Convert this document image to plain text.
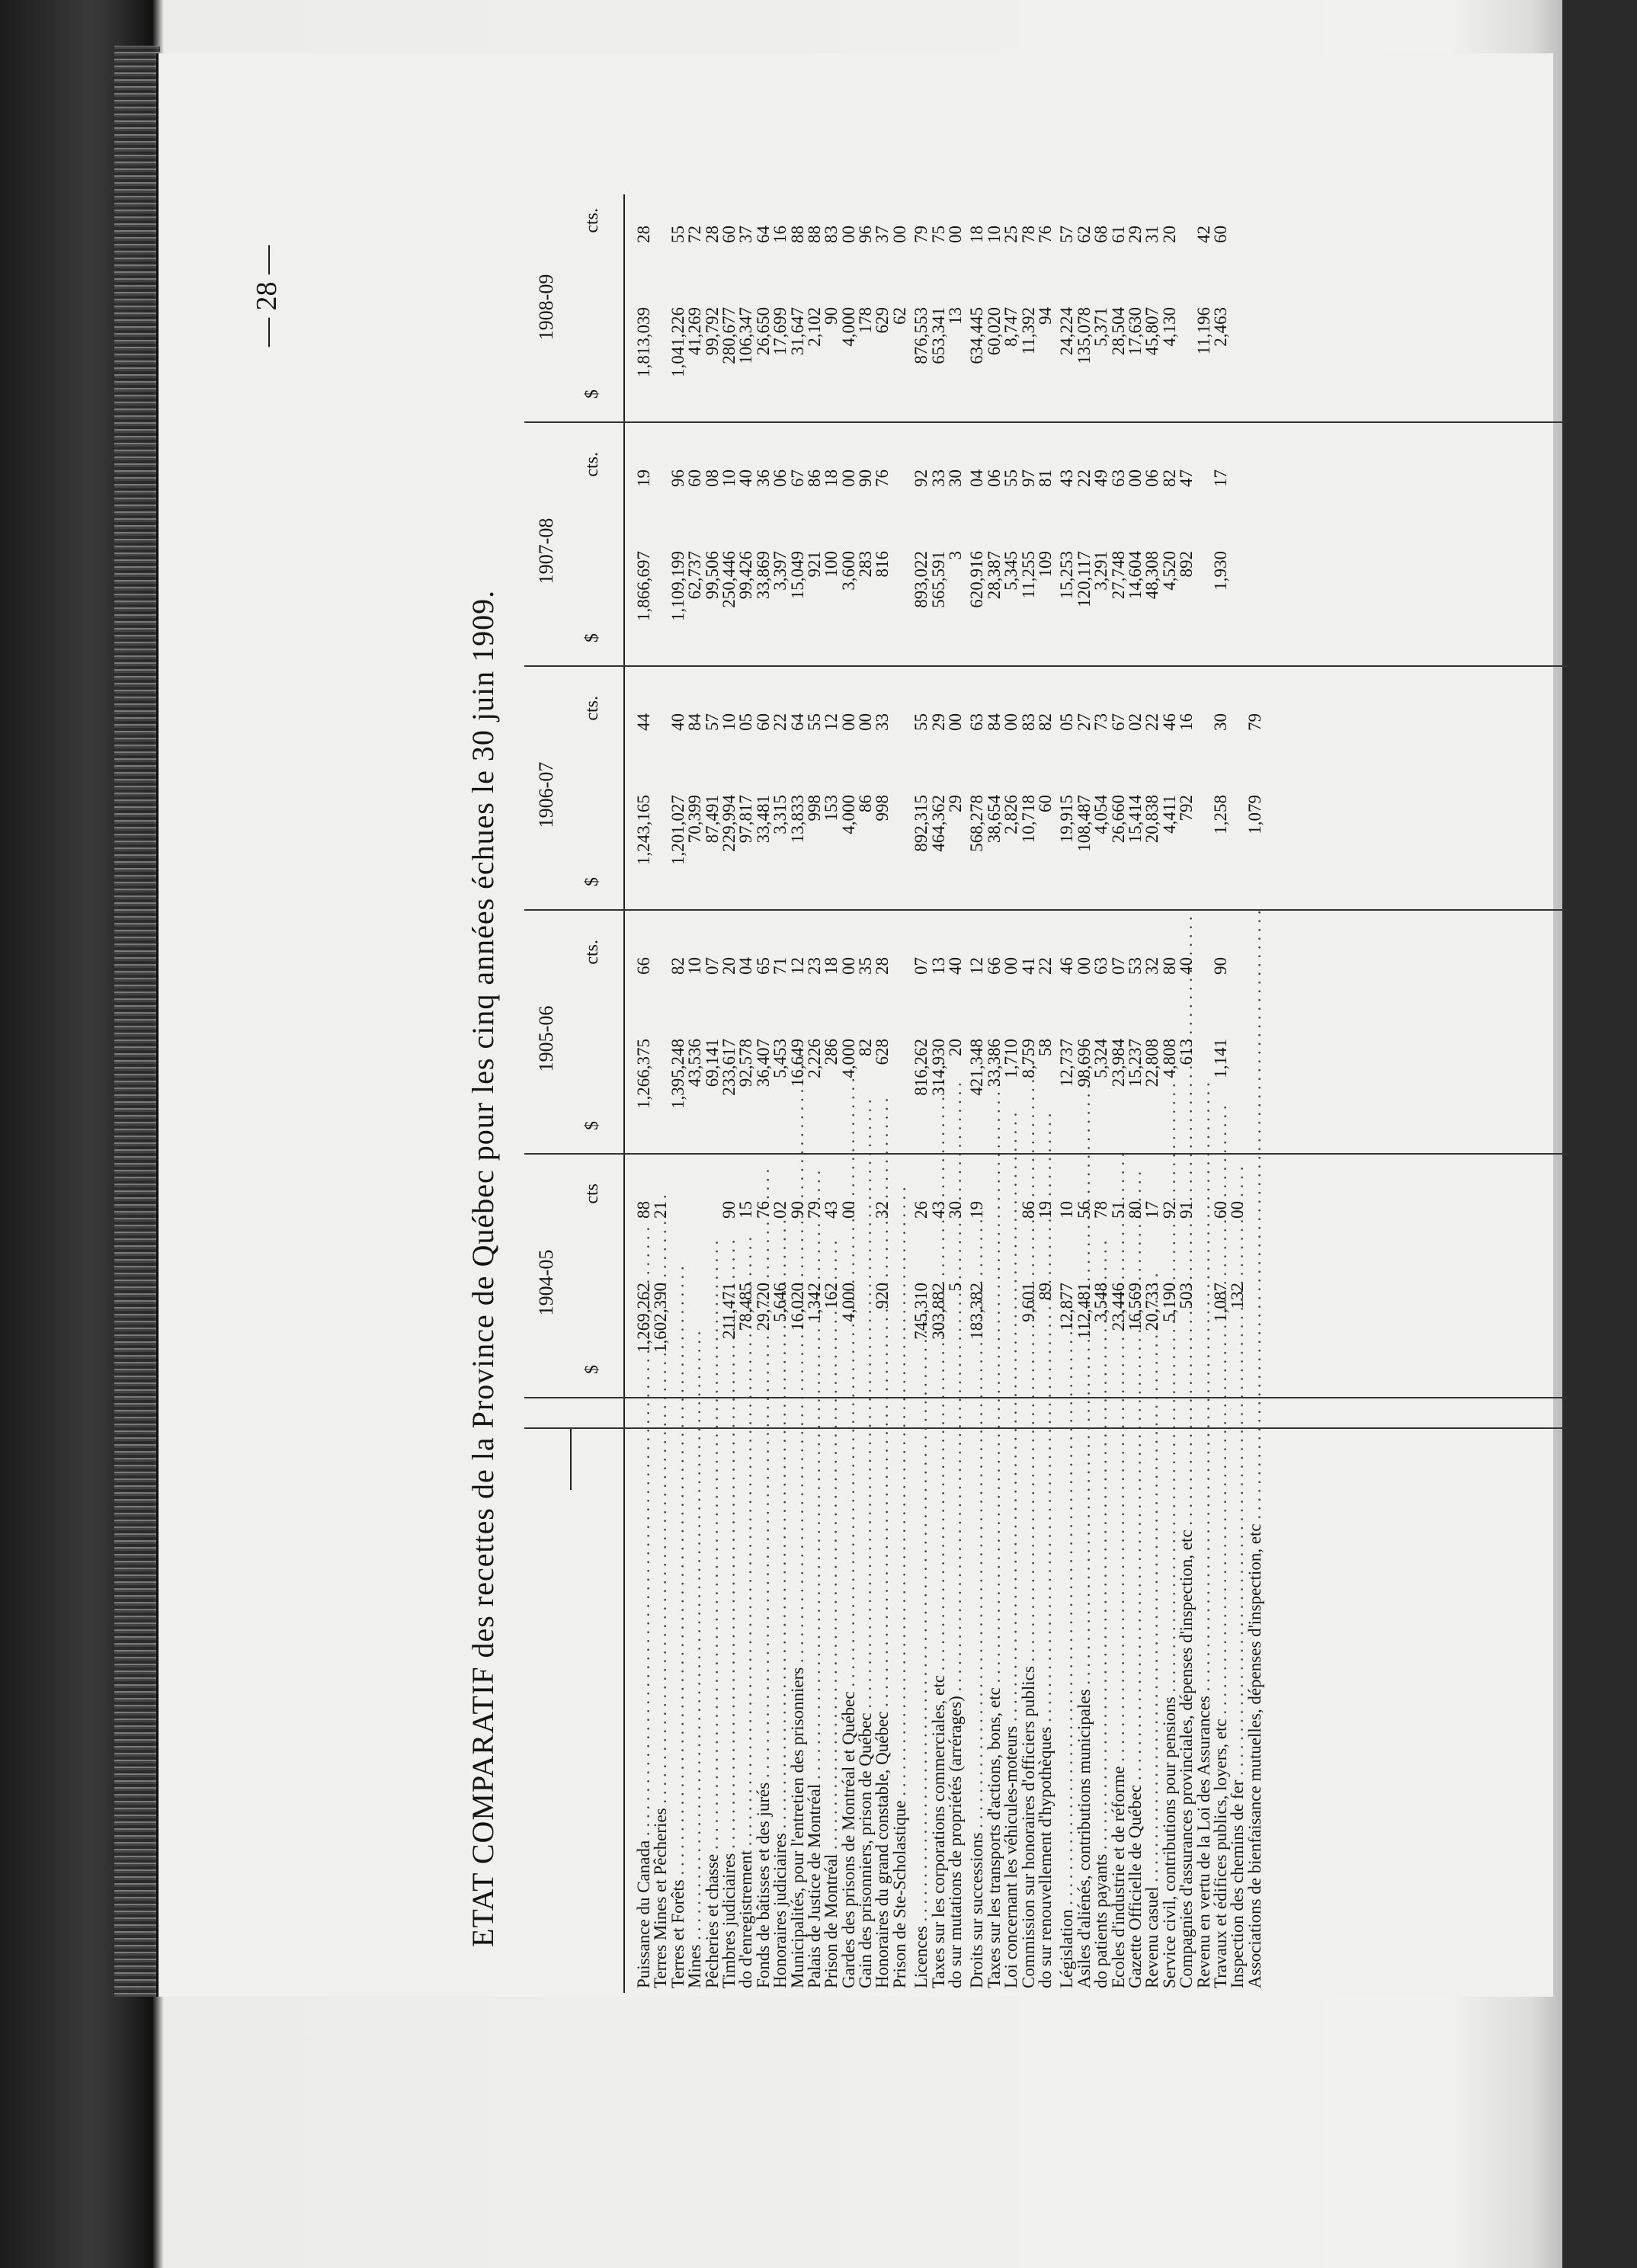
— 28 —
ETAT COMPARATIF des recettes de la Province de Québec pour les cinq années échues le 30 juin 1909. 1904-05
$
cts
1905-06
$
cts.
1906-07
$
cts.
1907-08
$
cts.
1908-09
$
cts.
Puissance du Canada . . .
1,269,262
88
1,266,375
66
1,243,165
44
1,866,697
19
1,813,039
28
Terres Mines et Pêcheries . . .
1,602,390
21
Terres et Forêts . . .
1,395,248
82
1,201,027
40
1,109,199
96
1,041,226
55
Mines . . .
43,536
10
70,399
84
62,737
60
41,269
72
Pêcheries et chasse . . .
69,141
07
87,491
57
99,506
08
99,792
28
Timbres judiciaires . . .
211,471
90
233,617
20
229,994
10
250,446
10
280,677
60
do d'enregistrement . . .
78,485
15
92,578
04
97,817
05
99,426
40
106,347
37
Fonds de bâtisses et des jurés . . .
29,720
76
36,407
65
33,481
60
33,869
36
26,650
64
Honoraires judiciaires . . .
5,646
02
5,453
71
3,315
22
3,397
06
17,699
16
Municipalités, pour l'entretien des prisonniers . . .
16,020
90
16,649
12
13,833
64
15,049
67
31,647
88
Palais de Justice de Montréal . . .
1,342
79
2,226
23
998
55
921
86
2,102
88
Prison de Montréal . . .
162
43
286
18
153
12
100
18
90
83
Gardes des prisons de Montréal et Québec . . .
4,000
00
4,000
00
4,000
00
3,600
00
4,000
00
Gain des prisonniers, prison de Québec . . .
82
35
86
00
283
90
178
96
Honoraires du grand constable, Québec . . .
920
32
628
28
998
33
816
76
629
37
Prison de Ste-Scholastique . . .
62
00
Licences . . .
745,310
26
816,262
07
892,315
55
893,022
92
876,553
79
Taxes sur les corporations commerciales, etc . . .
303,882
43
314,930
13
464,362
29
565,591
33
653,341
75
do sur mutations de propriétés (arrérages) . . .
5
30
20
40
29
00
3
30
13
00
Droits sur successions . . .
183,382
19
421,348
12
568,278
63
620,916
04
634,445
18
Taxes sur les transports d'actions, bons, etc . . .
33,386
66
38,654
84
28,387
06
60,020
10
Loi concernant les véhicules-moteurs . . .
1,710
00
2,826
00
5,345
55
8,747
25
Commission sur honoraires d'officiers publics . . .
9,601
86
8,759
41
10,718
83
11,255
97
11,392
78
do sur renouvellement d'hypothèques . . .
89
19
58
22
60
82
109
81
94
76
Législation . . .
12,877
10
12,737
46
19,915
05
15,253
43
24,224
57
Asiles d'aliénés, contributions municipales . . .
112,481
56
98,696
00
108,487
27
120,117
22
135,078
62
do patients payants . . .
3,548
78
5,324
63
4,054
73
3,291
49
5,371
68
Ecoles d'industrie et de réforme . . .
23,446
51
23,984
07
26,660
67
27,748
63
28,504
61
Gazette Officielle de Québec . . .
16,569
80
15,237
53
15,414
02
14,604
00
17,630
29
Revenu casuel . . .
20,733
17
22,808
32
20,838
22
48,308
06
45,807
31
Service civil, contributions pour pensions . . .
5,190
92
4,808
80
4,411
46
4,520
82
4,130
20
Compagnies d'assurances provinciales, dépenses d'inspection, etc . . .
503
91
613
40
792
16
892
47
Revenu en vertu de la Loi des Assurances . . .
11,196
42
Travaux et édifices publics, loyers, etc . . .
1,087
60
1,141
90
1,258
30
1,930
17
2,463
60
Inspection des chemins de fer . . .
132
00
Associations de bienfaisance mutuelles, dépenses d'inspection, etc . . .
1,079
79
